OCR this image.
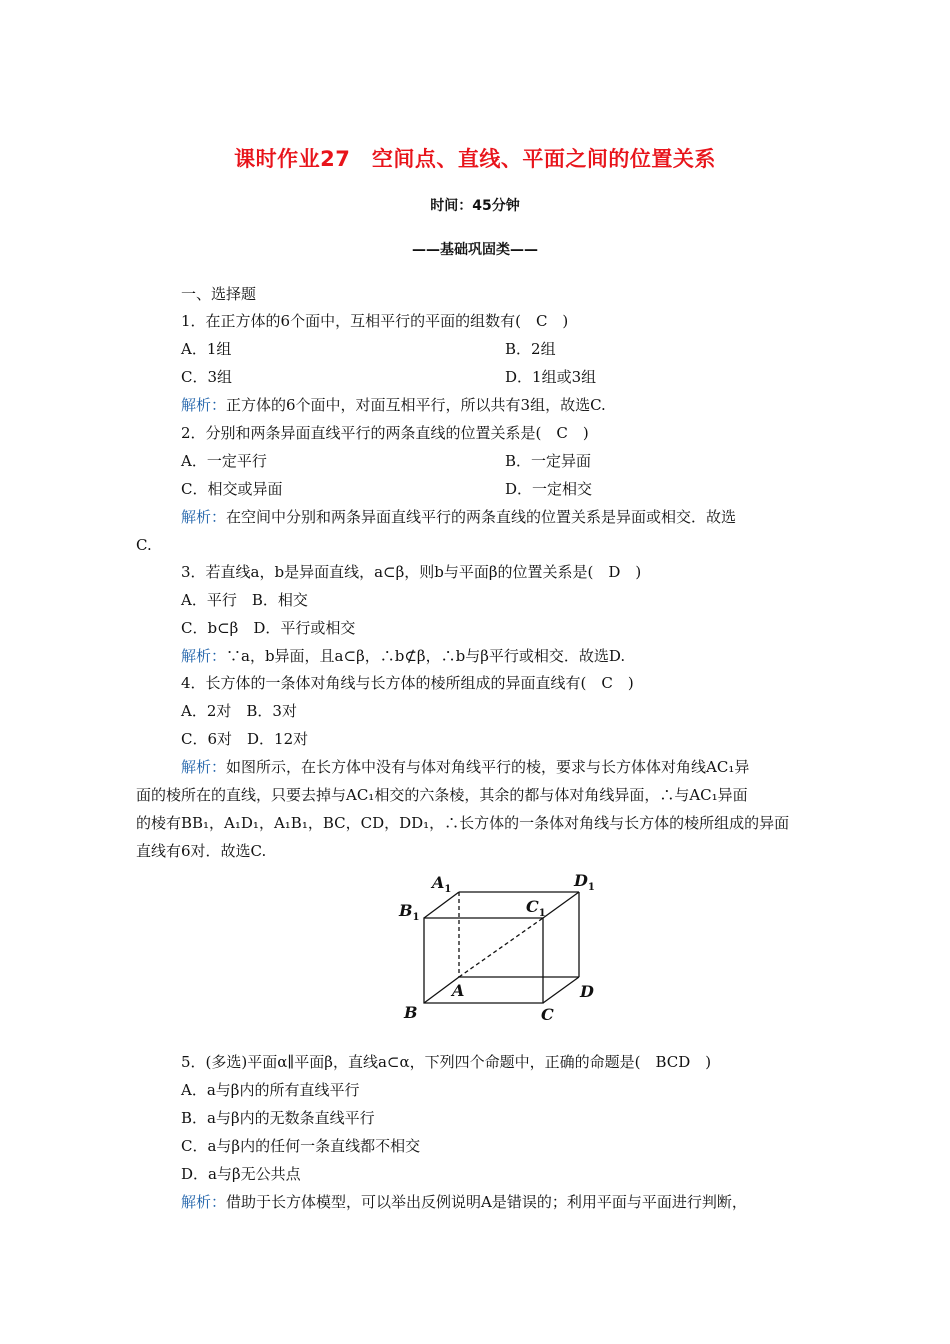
课时作业27　空间点、直线、平面之间的位置关系
时间：45分钟
——基础巩固类——
一、选择题
1．在正方体的6个面中，互相平行的平面的组数有(　C　)
A．1组	B．2组
C．3组	D．1组或3组
解析：正方体的6个面中，对面互相平行，所以共有3组，故选C.
2．分别和两条异面直线平行的两条直线的位置关系是(　C　)
A．一定平行	B．一定异面
C．相交或异面	D．一定相交
解析：在空间中分别和两条异面直线平行的两条直线的位置关系是异面或相交．故选
C.
3．若直线a，b是异面直线，a⊂β，则b与平面β的位置关系是(　D　)
A．平行　B．相交
C．b⊂β　D．平行或相交
解析：∵a，b异面，且a⊂β，∴b⊄β，∴b与β平行或相交．故选D.
4．长方体的一条体对角线与长方体的棱所组成的异面直线有(　C　)
A．2对　B．3对
C．6对　D．12对
解析：如图所示，在长方体中没有与体对角线平行的棱，要求与长方体体对角线AC₁异
面的棱所在的直线，只要去掉与AC₁相交的六条棱，其余的都与体对角线异面，∴与AC₁异面
的棱有BB₁，A₁D₁，A₁B₁，BC，CD，DD₁，∴长方体的一条体对角线与长方体的棱所组成的异面
直线有6对．故选C.
$A_1$	$D_1$
$B_1$
$C_1$
A	D
B	C
5．(多选)平面α∥平面β，直线a⊂α，下列四个命题中，正确的命题是(　BCD　)
A．a与β内的所有直线平行
B．a与β内的无数条直线平行
C．a与β内的任何一条直线都不相交
D．a与β无公共点
解析：借助于长方体模型，可以举出反例说明A是错误的；利用平面与平面进行判断，
